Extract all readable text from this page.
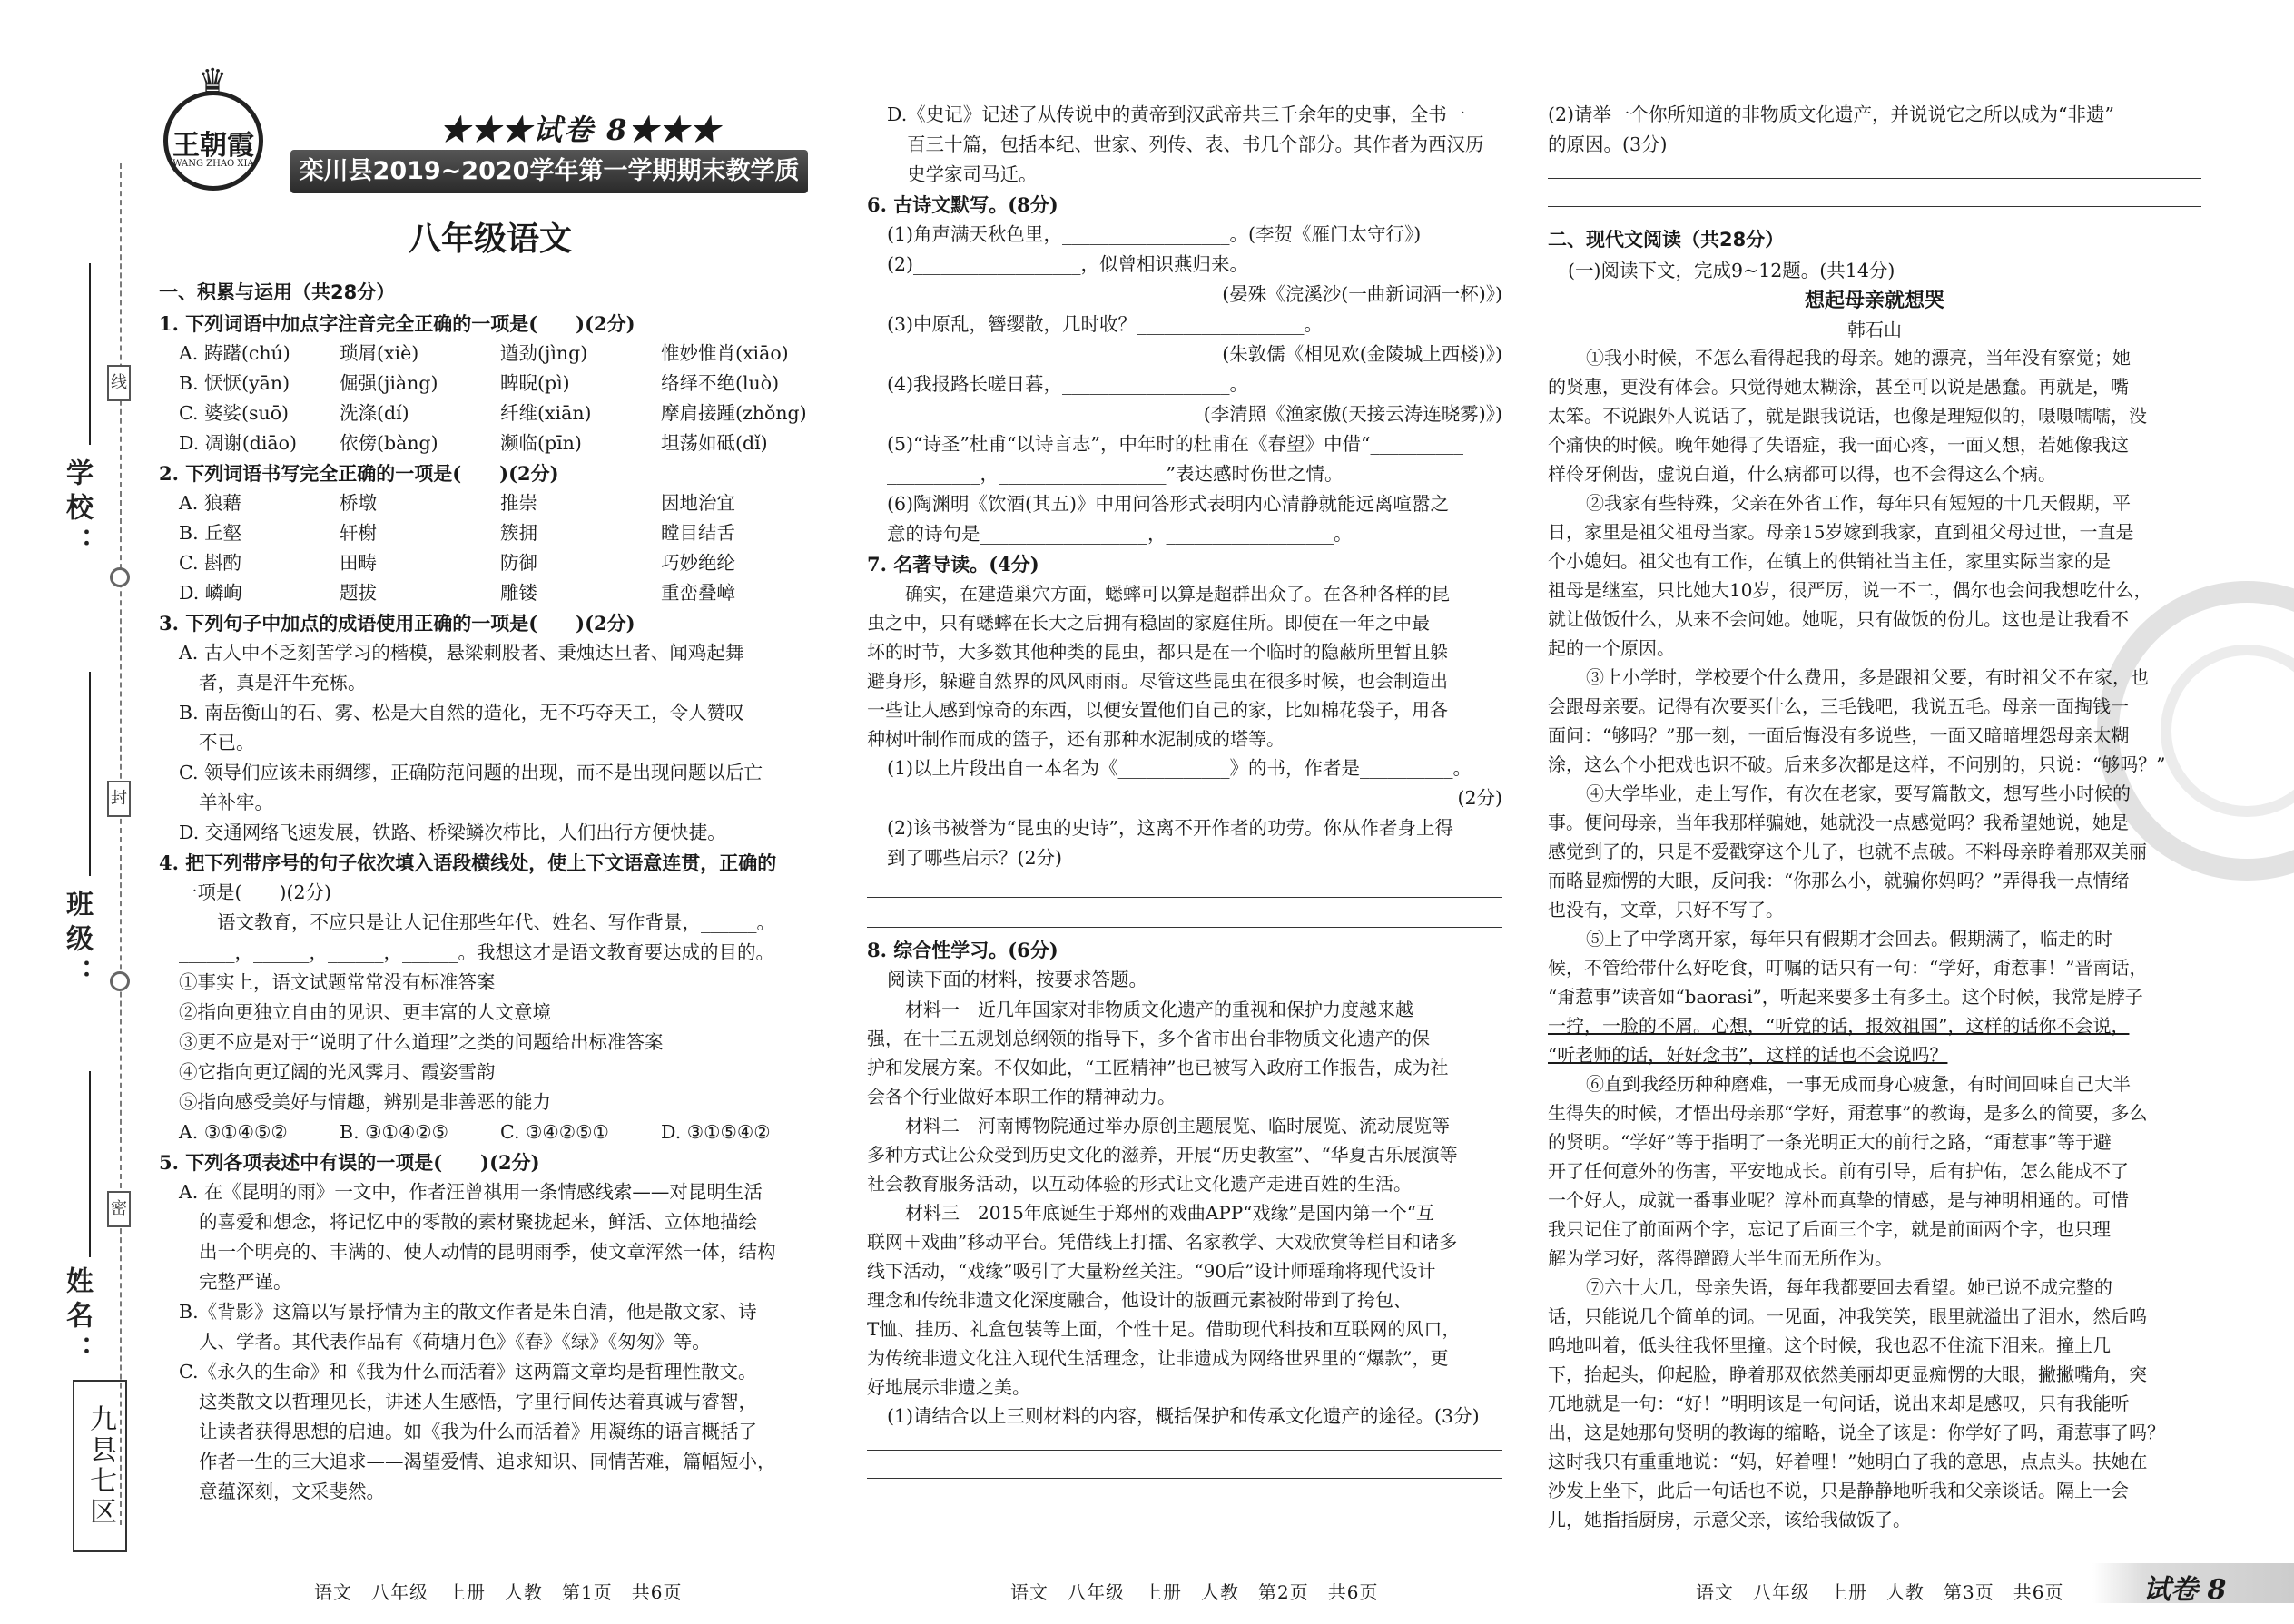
学校：
班级：
姓名：
线
封
密
九县七区
♛
王朝霞
WANG ZHAO XIA
★★★试卷 8★★★
栾川县2019~2020学年第一学期期末教学质量检测试卷
八年级语文
一、积累与运用（共28分）
1. 下列词语中加点字注音完全正确的一项是(　　)(2分)
A. 踌躇(chú)	琐屑(xiè)	遒劲(jìng)	惟妙惟肖(xiāo)
B. 恹恹(yān)	倔强(jiàng)	睥睨(pì)	络绎不绝(luò)
C. 婆娑(suō)	洗涤(dí)	纤维(xiān)	摩肩接踵(zhǒng)
D. 凋谢(diāo)	依傍(bàng)	濒临(pīn)	坦荡如砥(dǐ)
2. 下列词语书写完全正确的一项是(　　)(2分)
A. 狼藉	桥墩	推崇	因地治宜
B. 丘壑	轩榭	簇拥	瞠目结舌
C. 斟酌	田畴	防御	巧妙绝纶
D. 嶙峋	题拔	雕镂	重峦叠嶂
3. 下列句子中加点的成语使用正确的一项是(　　)(2分)
A. 古人中不乏刻苦学习的楷模，悬梁刺股者、秉烛达旦者、闻鸡起舞
者，真是汗牛充栋。
B. 南岳衡山的石、雾、松是大自然的造化，无不巧夺天工，令人赞叹
不已。
C. 领导们应该未雨绸缪，正确防范问题的出现，而不是出现问题以后亡
羊补牢。
D. 交通网络飞速发展，铁路、桥梁鳞次栉比，人们出行方便快捷。
4. 把下列带序号的句子依次填入语段横线处，使上下文语意连贯，正确的
一项是(　　)(2分)
语文教育，不应只是让人记住那些年代、姓名、写作背景，______。
______，______，______，______。我想这才是语文教育要达成的目的。
①事实上，语文试题常常没有标准答案
②指向更独立自由的见识、更丰富的人文意境
③更不应是对于“说明了什么道理”之类的问题给出标准答案
④它指向更辽阔的光风霁月、霞姿雪韵
⑤指向感受美好与情趣，辨别是非善恶的能力
A. ③①④⑤②	B. ③①④②⑤	C. ③④②⑤①	D. ③①⑤④②
5. 下列各项表述中有误的一项是(　　)(2分)
A. 在《昆明的雨》一文中，作者汪曾祺用一条情感线索——对昆明生活
的喜爱和想念，将记忆中的零散的素材聚拢起来，鲜活、立体地描绘
出一个明亮的、丰满的、使人动情的昆明雨季，使文章浑然一体，结构
完整严谨。
B.《背影》这篇以写景抒情为主的散文作者是朱自清，他是散文家、诗
人、学者。其代表作品有《荷塘月色》《春》《绿》《匆匆》等。
C.《永久的生命》和《我为什么而活着》这两篇文章均是哲理性散文。
这类散文以哲理见长，讲述人生感悟，字里行间传达着真诚与睿智，
让读者获得思想的启迪。如《我为什么而活着》用凝练的语言概括了
作者一生的三大追求——渴望爱情、追求知识、同情苦难，篇幅短小，
意蕴深刻，文采斐然。
D.《史记》记述了从传说中的黄帝到汉武帝共三千余年的史事，全书一
百三十篇，包括本纪、世家、列传、表、书几个部分。其作者为西汉历
史学家司马迁。
6. 古诗文默写。(8分)
(1)角声满天秋色里，__________________。(李贺《雁门太守行》)
(2)__________________，似曾相识燕归来。
(晏殊《浣溪沙(一曲新词酒一杯)》)
(3)中原乱，簪缨散，几时收？__________________。
(朱敦儒《相见欢(金陵城上西楼)》)
(4)我报路长嗟日暮，__________________。
(李清照《渔家傲(天接云涛连晓雾)》)
(5)“诗圣”杜甫“以诗言志”，中年时的杜甫在《春望》中借“__________
__________，__________________”表达感时伤世之情。
(6)陶渊明《饮酒(其五)》中用问答形式表明内心清静就能远离喧嚣之
意的诗句是__________________，__________________。
7. 名著导读。(4分)
确实，在建造巢穴方面，蟋蟀可以算是超群出众了。在各种各样的昆
虫之中，只有蟋蟀在长大之后拥有稳固的家庭住所。即使在一年之中最
坏的时节，大多数其他种类的昆虫，都只是在一个临时的隐蔽所里暂且躲
避身形，躲避自然界的风风雨雨。尽管这些昆虫在很多时候，也会制造出
一些让人感到惊奇的东西，以便安置他们自己的家，比如棉花袋子，用各
种树叶制作而成的篮子，还有那种水泥制成的塔等。
(1)以上片段出自一本名为《____________》的书，作者是__________。
(2分)
(2)该书被誉为“昆虫的史诗”，这离不开作者的功劳。你从作者身上得
到了哪些启示？(2分)
8. 综合性学习。(6分)
阅读下面的材料，按要求答题。
材料一　近几年国家对非物质文化遗产的重视和保护力度越来越
强，在十三五规划总纲领的指导下，多个省市出台非物质文化遗产的保
护和发展方案。不仅如此，“工匠精神”也已被写入政府工作报告，成为社
会各个行业做好本职工作的精神动力。
材料二　河南博物院通过举办原创主题展览、临时展览、流动展览等
多种方式让公众受到历史文化的滋养，开展“历史教室”、“华夏古乐展演等
社会教育服务活动，以互动体验的形式让文化遗产走进百姓的生活。
材料三　2015年底诞生于郑州的戏曲APP“戏缘”是国内第一个“互
联网＋戏曲”移动平台。凭借线上打擂、名家教学、大戏欣赏等栏目和诸多
线下活动，“戏缘”吸引了大量粉丝关注。“90后”设计师瑶瑜将现代设计
理念和传统非遗文化深度融合，他设计的版画元素被附带到了挎包、
T恤、挂历、礼盒包装等上面，个性十足。借助现代科技和互联网的风口，
为传统非遗文化注入现代生活理念，让非遗成为网络世界里的“爆款”，更
好地展示非遗之美。
(1)请结合以上三则材料的内容，概括保护和传承文化遗产的途径。(3分)
(2)请举一个你所知道的非物质文化遗产，并说说它之所以成为“非遗”
的原因。(3分)
二、现代文阅读（共28分）
(一)阅读下文，完成9~12题。(共14分)
想起母亲就想哭
韩石山
①我小时候，不怎么看得起我的母亲。她的漂亮，当年没有察觉；她
的贤惠，更没有体会。只觉得她太糊涂，甚至可以说是愚蠢。再就是，嘴
太笨。不说跟外人说话了，就是跟我说话，也像是理短似的，嗫嗫嚅嚅，没
个痛快的时候。晚年她得了失语症，我一面心疼，一面又想，若她像我这
样伶牙俐齿，虚说白道，什么病都可以得，也不会得这么个病。
②我家有些特殊，父亲在外省工作，每年只有短短的十几天假期，平
日，家里是祖父祖母当家。母亲15岁嫁到我家，直到祖父母过世，一直是
个小媳妇。祖父也有工作，在镇上的供销社当主任，家里实际当家的是
祖母是继室，只比她大10岁，很严厉，说一不二，偶尔也会问我想吃什么，
就让做饭什么，从来不会问她。她呢，只有做饭的份儿。这也是让我看不
起的一个原因。
③上小学时，学校要个什么费用，多是跟祖父要，有时祖父不在家，也
会跟母亲要。记得有次要买什么，三毛钱吧，我说五毛。母亲一面掏钱一
面问：“够吗？”那一刻，一面后悔没有多说些，一面又暗暗埋怨母亲太糊
涂，这么个小把戏也识不破。后来多次都是这样，不问别的，只说：“够吗？”
④大学毕业，走上写作，有次在老家，要写篇散文，想写些小时候的
事。便问母亲，当年我那样骗她，她就没一点感觉吗？我希望她说，她是
感觉到了的，只是不爱戳穿这个儿子，也就不点破。不料母亲睁着那双美丽
而略显痴愣的大眼，反问我：“你那么小，就骗你妈吗？”弄得我一点情绪
也没有，文章，只好不写了。
⑤上了中学离开家，每年只有假期才会回去。假期满了，临走的时
候，不管给带什么好吃食，叮嘱的话只有一句：“学好，甭惹事！”晋南话，
“甭惹事”读音如“baorasi”，听起来要多土有多土。这个时候，我常是脖子
一拧，一脸的不屑。心想，“听党的话，报效祖国”，这样的话你不会说，
“听老师的话，好好念书”，这样的话也不会说吗？
⑥直到我经历种种磨难，一事无成而身心疲惫，有时间回味自己大半
生得失的时候，才悟出母亲那“学好，甭惹事”的教诲，是多么的简要，多么
的贤明。“学好”等于指明了一条光明正大的前行之路，“甭惹事”等于避
开了任何意外的伤害，平安地成长。前有引导，后有护佑，怎么能成不了
一个好人，成就一番事业呢？淳朴而真挚的情感，是与神明相通的。可惜
我只记住了前面两个字，忘记了后面三个字，就是前面两个字，也只理
解为学习好，落得蹭蹬大半生而无所作为。
⑦六十大几，母亲失语，每年我都要回去看望。她已说不成完整的
话，只能说几个简单的词。一见面，冲我笑笑，眼里就溢出了泪水，然后呜
呜地叫着，低头往我怀里撞。这个时候，我也忍不住流下泪来。撞上几
下，抬起头，仰起脸，睁着那双依然美丽却更显痴愣的大眼，撇撇嘴角，突
兀地就是一句：“好！”明明该是一句问话，说出来却是感叹，只有我能听
出，这是她那句贤明的教诲的缩略，说全了该是：你学好了吗，甭惹事了吗？
这时我只有重重地说：“妈，好着哩！”她明白了我的意思，点点头。扶她在
沙发上坐下，此后一句话也不说，只是静静地听我和父亲谈话。隔上一会
儿，她指指厨房，示意父亲，该给我做饭了。
语文　八年级　上册　人教　第1页　共6页	语文　八年级　上册　人教　第2页　共6页	语文　八年级　上册　人教　第3页　共6页	试卷 8
